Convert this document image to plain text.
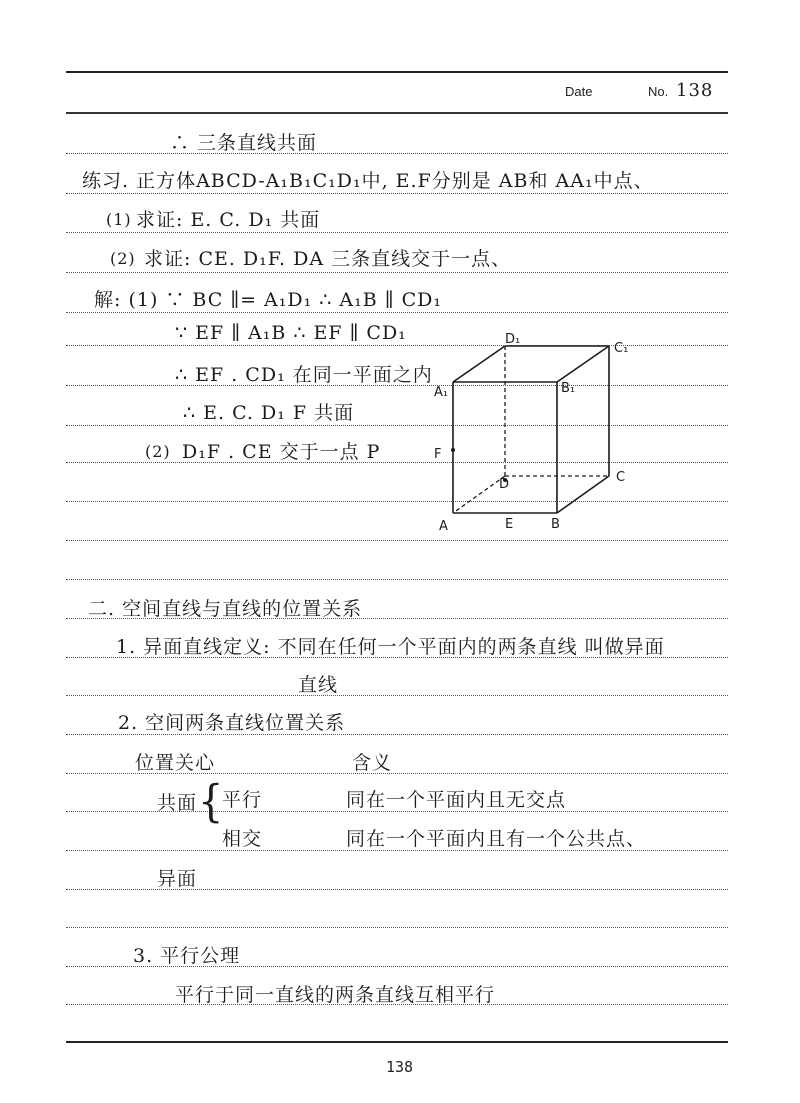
Date	No. 138
∴ 三条直线共面
练习. 正方体ABCD-A₁B₁C₁D₁中, E.F分别是 AB和 AA₁中点、
(1) 求证: E. C. D₁ 共面
(2) 求证: CE. D₁F. DA 三条直线交于一点、
解: (1) ∵ BC ∥= A₁D₁ ∴ A₁B ∥ CD₁
∵ EF ∥ A₁B ∴ EF ∥ CD₁
∴ EF . CD₁ 在同一平面之内
∴ E. C. D₁ F 共面
(2) D₁F . CE 交于一点 P
二. 空间直线与直线的位置关系
1. 异面直线定义: 不同在任何一个平面内的两条直线 叫做异面
直线
2. 空间两条直线位置关系
位置关心	含义
共面 {
平行	同在一个平面内且无交点
相交	同在一个平面内且有一个公共点、
异面
3. 平行公理
平行于同一直线的两条直线互相平行
A	B
C
D
A₁	B₁
C₁
D₁
E
F
138
